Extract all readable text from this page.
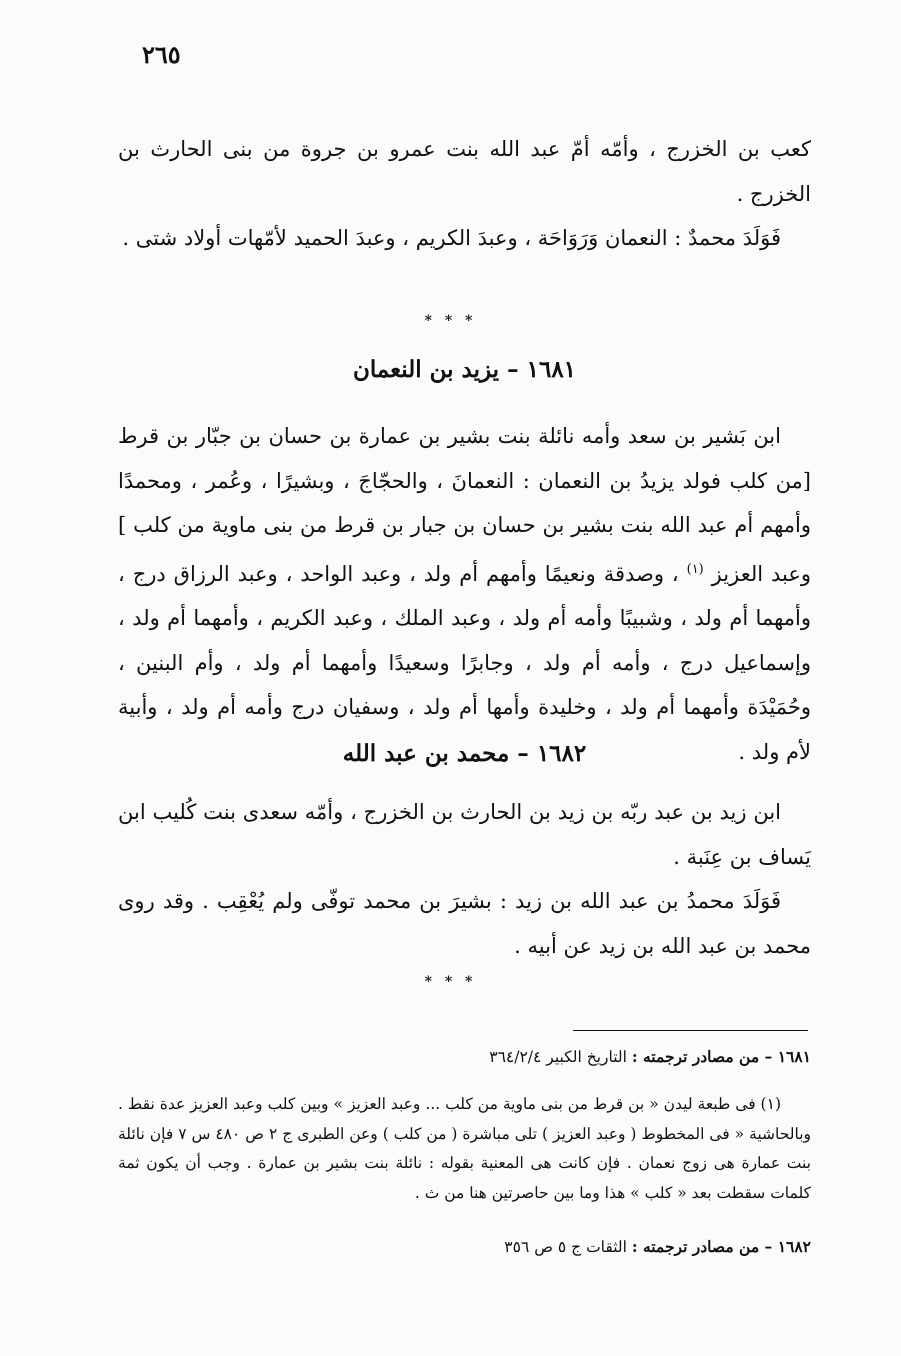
٢٦٥
كعب بن الخزرج ، وأمّه أمّ عبد الله بنت عمرو بن جروة من بنى الحارث بن الخزرج .
فَوَلَدَ محمدٌ : النعمان وَرَوَاحَة ، وعبدَ الكريم ، وعبدَ الحميد لأمّهات أولاد شتى .
* * *
١٦٨١ – يزيد بن النعمان
ابن بَشير بن سعد وأمه نائلة بنت بشير بن عمارة بن حسان بن جبّار بن قرط [من كلب فولد يزيدُ بن النعمان : النعمانَ ، والحجّاجَ ، وبشيرًا ، وعُمر ، ومحمدًا وأمهم أم عبد الله بنت بشير بن حسان بن جبار بن قرط من بنى ماوية من كلب ] وعبد العزيز $^{(١)}$ ، وصدقة ونعيمًا وأمهم أم ولد ، وعبد الواحد ، وعبد الرزاق درج ، وأمهما أم ولد ، وشبيبًا وأمه أم ولد ، وعبد الملك ، وعبد الكريم ، وأمهما أم ولد ، وإسماعيل درج ، وأمه أم ولد ، وجابرًا وسعيدًا وأمهما أم ولد ، وأم البنين ، وحُمَيْدَة وأمهما أم ولد ، وخليدة وأمها أم ولد ، وسفيان درج وأمه أم ولد ، وأبية لأم ولد .
١٦٨٢ – محمد بن عبد الله
ابن زيد بن عبد ربّه بن زيد بن الحارث بن الخزرج ، وأمّه سعدى بنت كُليب ابن يَساف بن عِنَبة .
فَوَلَدَ محمدُ بن عبد الله بن زيد : بشيرَ بن محمد توفّى ولم يُعْقِب . وقد روى محمد بن عبد الله بن زيد عن أبيه .
* * *
١٦٨١ – من مصادر ترجمته : التاريخ الكبير ٣٦٤/٢/٤
(١) فى طبعة ليدن « بن قرط من بنى ماوية من كلب ... وعبد العزيز » وبين كلب وعبد العزيز عدة نقط . وبالحاشية « فى المخطوط ( وعبد العزيز ) تلى مباشرة ( من كلب ) وعن الطبرى ج ٢ ص ٤٨٠ س ٧ فإن نائلة بنت عمارة هى زوج نعمان . فإن كانت هى المعنية بقوله : نائلة بنت بشير بن عمارة . وجب أن يكون ثمة كلمات سقطت بعد « كلب » هذا وما بين حاصرتين هنا من ث .
١٦٨٢ – من مصادر ترجمته : الثقات ج ٥ ص ٣٥٦
